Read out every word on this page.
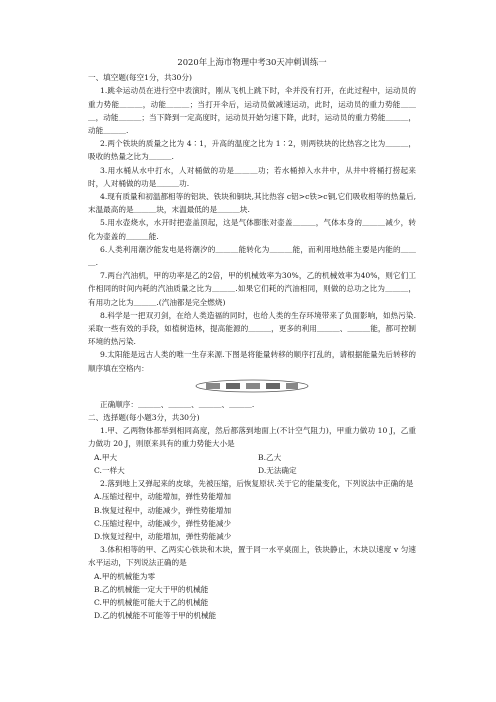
2020年上海市物理中考30天冲刺训练一
一、填空题(每空1分，共30分)
1.跳伞运动员在进行空中表演时，刚从飞机上跳下时，伞并没有打开，在此过程中，运动员的重力势能＿＿＿，动能＿＿＿；当打开伞后，运动员做减速运动，此时，运动员的重力势能＿＿＿，动能＿＿＿；当下降到一定高度时，运动员开始匀速下降，此时，运动员的重力势能＿＿＿，动能＿＿＿.
2.两个铁块的质量之比为 4∶1，升高的温度之比为 1∶2，则两铁块的比热容之比为＿＿＿，吸收的热量之比为＿＿＿.
3.用水桶从水中打水，人对桶做的功是＿＿＿功；若水桶掉入水井中，从井中将桶打捞起来时，人对桶做的功是＿＿＿功.
4.现有质量和初温都相等的铝块、铁块和铜块,其比热容 c铝>c铁>c铜,它们吸收相等的热量后,末温最高的是＿＿＿块，末温最低的是＿＿＿块.
5.用水壶烧水，水开时把壶盖顶起，这是气体膨胀对壶盖＿＿＿，气体本身的＿＿＿减少，转化为壶盖的＿＿＿能.
6.人类利用潮汐能发电是将潮汐的＿＿＿能转化为＿＿＿能，而利用地热能主要是内能的＿＿＿.
7.两台汽油机，甲的功率是乙的2倍，甲的机械效率为30%，乙的机械效率为40%，则它们工作相同的时间内耗的汽油质量之比为＿＿＿.如果它们耗的汽油相同，则做的总功之比为＿＿＿，有用功之比为＿＿＿.(汽油都是完全燃烧)
8.科学是一把双刃剑，在给人类造福的同时，也给人类的生存环境带来了负面影响，如热污染.采取一些有效的手段，如植树造林，提高能源的＿＿＿，更多的利用＿＿＿、＿＿＿能，都可控制环境的热污染.
9.太阳能是远古人类的唯一生存来源.下图是将能量转移的顺序打乱的，请根据能量先后转移的顺序填在空格内：
正确顺序：＿＿＿、＿＿＿、＿＿＿、＿＿＿.
二、选择题(每小题3分，共30分)
1.甲、乙两物体都举到相同高度，然后都落到地面上(不计空气阻力)，甲重力做功 10 J，乙重力做功 20 J，则原来具有的重力势能大小是
A.甲大	B.乙大
C.一样大	D.无法确定
2.落到地上又弹起来的皮球，先被压缩，后恢复原状.关于它的能量变化，下列说法中正确的是
A.压缩过程中，动能增加，弹性势能增加
B.恢复过程中，动能减少，弹性势能增加
C.压缩过程中，动能减少，弹性势能减少
D.恢复过程中，动能增加，弹性势能减少
3.体积相等的甲、乙两实心铁块和木块，置于同一水平桌面上，铁块静止，木块以速度 v 匀速水平运动，下列说法正确的是
A.甲的机械能为零
B.乙的机械能一定大于甲的机械能
C.甲的机械能可能大于乙的机械能
D.乙的机械能不可能等于甲的机械能
